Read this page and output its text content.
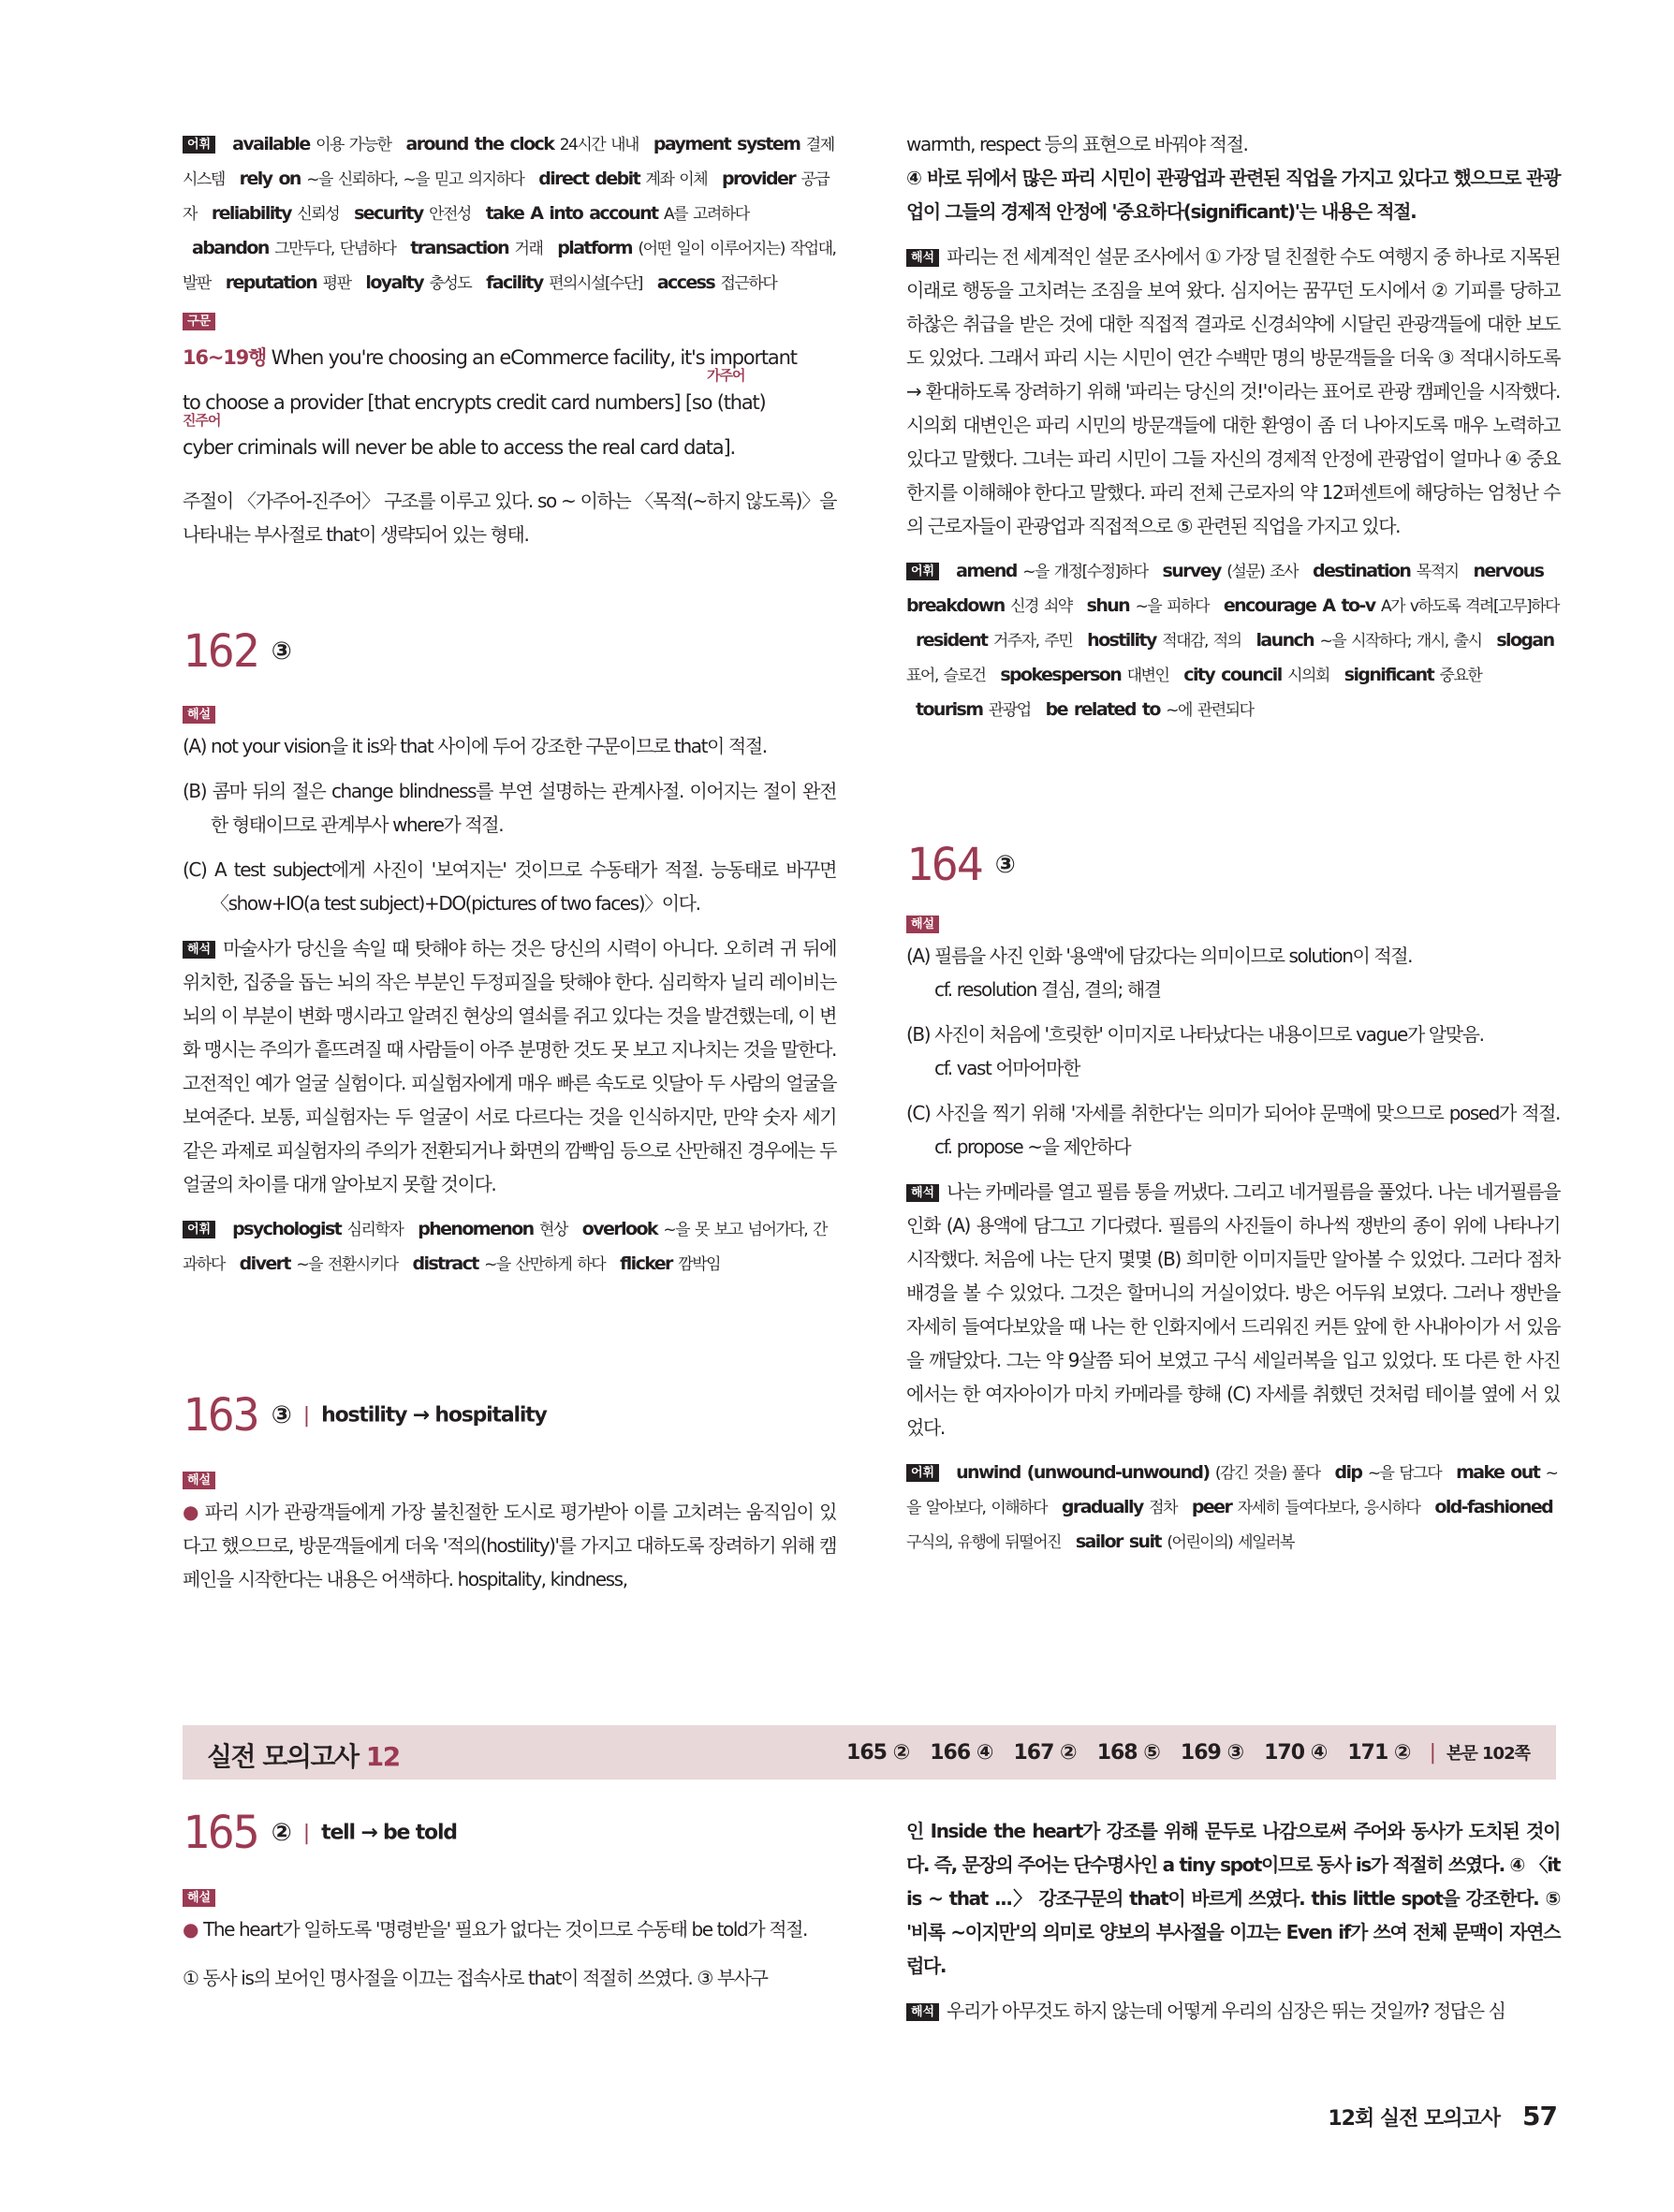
어휘 available 이용 가능한 around the clock 24시간 내내 payment system 결제 시스템 rely on ~을 신뢰하다, ~을 믿고 의지하다 direct debit 계좌 이체 provider 공급자 reliability 신뢰성 security 안전성 take A into account A를 고려하다 abandon 그만두다, 단념하다 transaction 거래 platform (어떤 일이 이루어지는) 작업대, 발판 reputation 평판 loyalty 충성도 facility 편의시설[수단] access 접근하다

구문

16~19행 When you're choosing an eCommerce facility, it's important

to choose a provider [that encrypts credit card numbers] [so (that)

cyber criminals will never be able to access the real card data].

가주어
진주어

주절이 〈가주어-진주어〉 구조를 이루고 있다. so ~ 이하는 〈목적(~하지 않도록)〉을 나타내는 부사절로 that이 생략되어 있는 형태.

162 ③
해설

(A) not your vision을 it is와 that 사이에 두어 강조한 구문이므로 that이 적절.

(B) 콤마 뒤의 절은 change blindness를 부연 설명하는 관계사절. 이어지는 절이 완전한 형태이므로 관계부사 where가 적절.

(C) A test subject에게 사진이 '보여지는' 것이므로 수동태가 적절. 능동태로 바꾸면 〈show+IO(a test subject)+DO(pictures of two faces)〉이다.

해석 마술사가 당신을 속일 때 탓해야 하는 것은 당신의 시력이 아니다. 오히려 귀 뒤에 위치한, 집중을 돕는 뇌의 작은 부분인 두정피질을 탓해야 한다. 심리학자 닐리 레이비는 뇌의 이 부분이 변화 맹시라고 알려진 현상의 열쇠를 쥐고 있다는 것을 발견했는데, 이 변화 맹시는 주의가 흩뜨려질 때 사람들이 아주 분명한 것도 못 보고 지나치는 것을 말한다. 고전적인 예가 얼굴 실험이다. 피실험자에게 매우 빠른 속도로 잇달아 두 사람의 얼굴을 보여준다. 보통, 피실험자는 두 얼굴이 서로 다르다는 것을 인식하지만, 만약 숫자 세기 같은 과제로 피실험자의 주의가 전환되거나 화면의 깜빡임 등으로 산만해진 경우에는 두 얼굴의 차이를 대개 알아보지 못할 것이다.

어휘 psychologist 심리학자 phenomenon 현상 overlook ~을 못 보고 넘어가다, 간과하다 divert ~을 전환시키다 distract ~을 산만하게 하다 flicker 깜박임

163 ③ | hostility → hospitality
해설

● 파리 시가 관광객들에게 가장 불친절한 도시로 평가받아 이를 고치려는 움직임이 있다고 했으므로, 방문객들에게 더욱 '적의(hostility)'를 가지고 대하도록 장려하기 위해 캠페인을 시작한다는 내용은 어색하다. hospitality, kindness,

165 ② | tell → be told
해설

● The heart가 일하도록 '명령받을' 필요가 없다는 것이므로 수동태 be told가 적절.

① 동사 is의 보어인 명사절을 이끄는 접속사로 that이 적절히 쓰였다. ③ 부사구

warmth, respect 등의 표현으로 바꿔야 적절.

④ 바로 뒤에서 많은 파리 시민이 관광업과 관련된 직업을 가지고 있다고 했으므로 관광업이 그들의 경제적 안정에 '중요하다(significant)'는 내용은 적절.

해석 파리는 전 세계적인 설문 조사에서 ① 가장 덜 친절한 수도 여행지 중 하나로 지목된 이래로 행동을 고치려는 조짐을 보여 왔다. 심지어는 꿈꾸던 도시에서 ② 기피를 당하고 하찮은 취급을 받은 것에 대한 직접적 결과로 신경쇠약에 시달린 관광객들에 대한 보도도 있었다. 그래서 파리 시는 시민이 연간 수백만 명의 방문객들을 더욱 ③ 적대시하도록 → 환대하도록 장려하기 위해 '파리는 당신의 것!'이라는 표어로 관광 캠페인을 시작했다. 시의회 대변인은 파리 시민의 방문객들에 대한 환영이 좀 더 나아지도록 매우 노력하고 있다고 말했다. 그녀는 파리 시민이 그들 자신의 경제적 안정에 관광업이 얼마나 ④ 중요한지를 이해해야 한다고 말했다. 파리 전체 근로자의 약 12퍼센트에 해당하는 엄청난 수의 근로자들이 관광업과 직접적으로 ⑤ 관련된 직업을 가지고 있다.

어휘 amend ~을 개정[수정]하다 survey (설문) 조사 destination 목적지 nervous breakdown 신경 쇠약 shun ~을 피하다 encourage A to-v A가 v하도록 격려[고무]하다 resident 거주자, 주민 hostility 적대감, 적의 launch ~을 시작하다; 개시, 출시 slogan 표어, 슬로건 spokesperson 대변인 city council 시의회 significant 중요한 tourism 관광업 be related to ~에 관련되다

164 ③
해설

(A) 필름을 사진 인화 '용액'에 담갔다는 의미이므로 solution이 적절.

cf. resolution 결심, 결의; 해결

(B) 사진이 처음에 '흐릿한' 이미지로 나타났다는 내용이므로 vague가 알맞음.

cf. vast 어마어마한

(C) 사진을 찍기 위해 '자세를 취한다'는 의미가 되어야 문맥에 맞으므로 posed가 적절. cf. propose ~을 제안하다

해석 나는 카메라를 열고 필름 통을 꺼냈다. 그리고 네거필름을 풀었다. 나는 네거필름을 인화 (A) 용액에 담그고 기다렸다. 필름의 사진들이 하나씩 쟁반의 종이 위에 나타나기 시작했다. 처음에 나는 단지 몇몇 (B) 희미한 이미지들만 알아볼 수 있었다. 그러다 점차 배경을 볼 수 있었다. 그것은 할머니의 거실이었다. 방은 어두워 보였다. 그러나 쟁반을 자세히 들여다보았을 때 나는 한 인화지에서 드리워진 커튼 앞에 한 사내아이가 서 있음을 깨달았다. 그는 약 9살쯤 되어 보였고 구식 세일러복을 입고 있었다. 또 다른 한 사진에서는 한 여자아이가 마치 카메라를 향해 (C) 자세를 취했던 것처럼 테이블 옆에 서 있었다.

어휘 unwind (unwound-unwound) (감긴 것을) 풀다 dip ~을 담그다 make out ~을 알아보다, 이해하다 gradually 점차 peer 자세히 들여다보다, 응시하다 old-fashioned 구식의, 유행에 뒤떨어진 sailor suit (어린이의) 세일러복

인 Inside the heart가 강조를 위해 문두로 나감으로써 주어와 동사가 도치된 것이다. 즉, 문장의 주어는 단수명사인 a tiny spot이므로 동사 is가 적절히 쓰였다. ④ 〈it is ~ that ...〉 강조구문의 that이 바르게 쓰였다. this little spot을 강조한다. ⑤ '비록 ~이지만'의 의미로 양보의 부사절을 이끄는 Even if가 쓰여 전체 문맥이 자연스럽다.

해석 우리가 아무것도 하지 않는데 어떻게 우리의 심장은 뛰는 것일까? 정답은 심

실전 모의고사 12	165 ② 166 ④ 167 ② 168 ⑤ 169 ③ 170 ④ 171 ② | 본문 102쪽
12회 실전 모의고사 57
